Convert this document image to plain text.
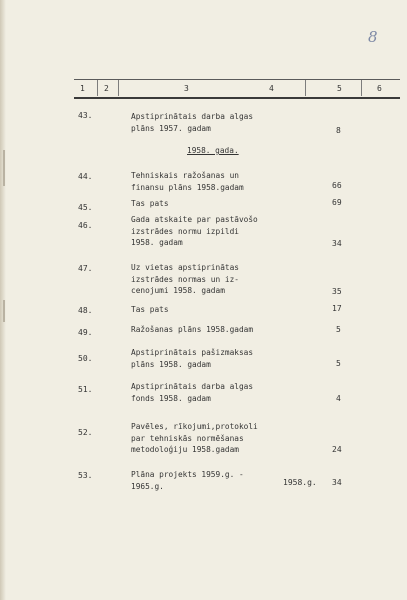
8
1 2	3	4	5	6
1958. gada.
43.	Apstiprinātais darba algas
plāns 1957. gadam	8
44.	Tehniskais ražošanas un
finansu plāns 1958.gadam	66
45.	Tas pats	69
46.
Gada atskaite par pastāvošo
izstrādes normu izpildi
1958. gadam	34
47.	Uz vietas apstiprinātas
izstrādes normas un iz-
cenojumi 1958. gadam	35
48.	Tas pats	17
49.	Ražošanas plāns 1958.gadam	5
50.
Apstiprinātais pašizmaksas
plāns 1958. gadam	5
51.	Apstiprinātais darba algas
fonds 1958. gadam	4
52.
Pavēles, rīkojumi,protokoli
par tehniskās normēšanas
metodoloģiju 1958.gadam	24
53.	Plāna projekts 1959.g. -
1965.g.	1958.g. 34
